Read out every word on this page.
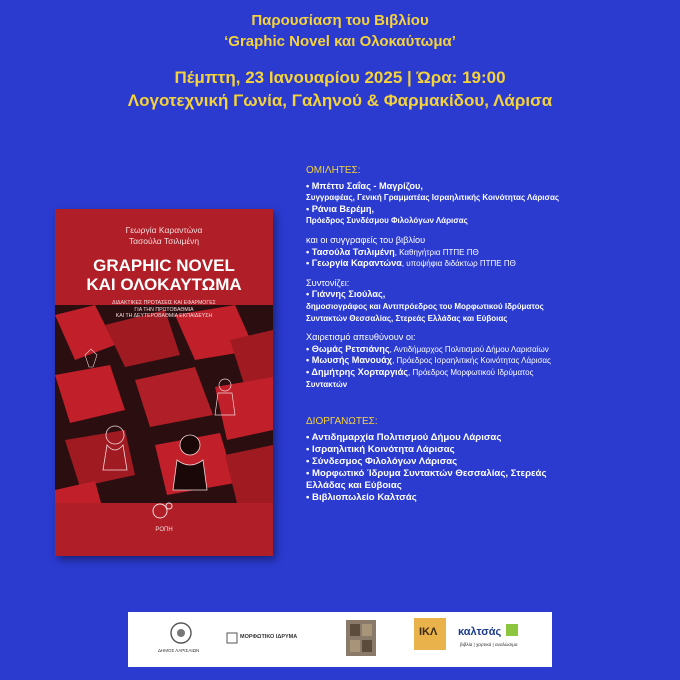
Παρουσίαση του Βιβλίου
‘Graphic Novel και Ολοκαύτωμα’
Πέμπτη, 23 Ιανουαρίου 2025 | Ώρα: 19:00
Λογοτεχνική Γωνία, Γαληνού & Φαρμακίδου, Λάρισα
Γεωργία Καραντώνα
Τασούλα Τσιλιμένη
GRAPHIC NOVEL
ΚΑΙ ΟΛΟΚΑΥΤΩΜΑ
ΔΙΔΑΚΤΙΚΕΣ ΠΡΟΤΑΣΕΙΣ ΚΑΙ ΕΦΑΡΜΟΓΕΣ
ΓΙΑ ΤΗΝ ΠΡΩΤΟΒΑΘΜΙΑ
ΚΑΙ ΤΗ ΔΕΥΤΕΡΟΒΑΘΜΙΑ ΕΚΠΑΙΔΕΥΣΗ
ΡΟΠΗ
ΟΜΙΛΗΤΕΣ:
• Μπέττυ Σαΐας - Μαγρίζου,
Συγγραφέας, Γενική Γραμματέας Ισραηλιτικής Κοινότητας Λάρισας
• Ράνια Βερέμη,
Πρόεδρος Συνδέσμου Φιλολόγων Λάρισας
και οι συγγραφείς του βιβλίου
• Τασούλα Τσιλιμένη, Καθηγήτρια ΠΤΠΕ ΠΘ
• Γεωργία Καραντώνα, υποψήφια διδάκτωρ ΠΤΠΕ ΠΘ
Συντονίζει:
• Γιάννης Σιούλας,
δημοσιογράφος και Αντιπρόεδρος του Μορφωτικού Ιδρύματος
Συντακτών Θεσσαλίας, Στερεάς Ελλάδας και Εύβοιας
Χαιρετισμό απευθύνουν οι:
• Θωμάς Ρετσιάνης, Αντιδήμαρχος Πολιτισμού Δήμου Λαρισαίων
• Μωυσής Μανουάχ, Πρόεδρος Ισραηλιτικής Κοινότητας Λάρισας
• Δημήτρης Χορταργιάς, Πρόεδρος Μορφωτικού Ιδρύματος
Συντακτών
ΔΙΟΡΓΑΝΩΤΕΣ:
• Αντιδημαρχία Πολιτισμού Δήμου Λάρισας
• Ισραηλιτική Κοινότητα Λάρισας
• Σύνδεσμος Φιλολόγων Λάρισας
• Μορφωτικό Ίδρυμα Συντακτών Θεσσαλίας, Στερεάς
Ελλάδας και Εύβοιας
• Βιβλιοπωλείο Καλτσάς
ΔΗΜΟΣ ΛΑΡΙΣΑΙΩΝ
ΜΟΡΦΩΤΙΚΟ ΙΔΡΥΜΑ	ΙΚΛ καλτσάς
βιβλία | χαρτικά | αναλώσιμα
